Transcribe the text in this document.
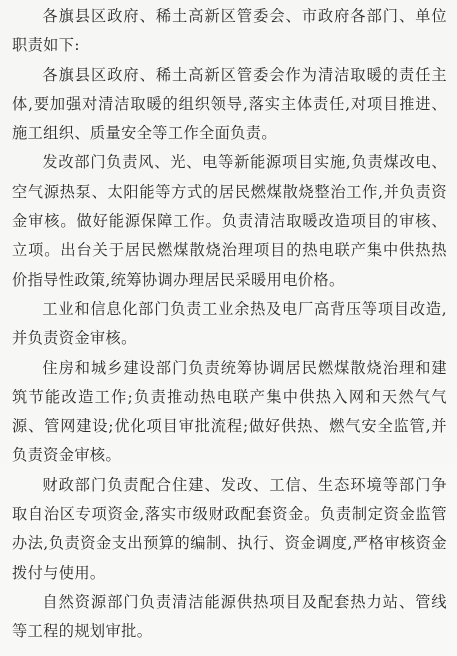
各旗县区政府、稀土高新区管委会、市政府各部门、单位职责如下:

各旗县区政府、稀土高新区管委会作为清洁取暖的责任主体,要加强对清洁取暖的组织领导,落实主体责任,对项目推进、施工组织、质量安全等工作全面负责。

发改部门负责风、光、电等新能源项目实施,负责煤改电、空气源热泵、太阳能等方式的居民燃煤散烧整治工作,并负责资金审核。做好能源保障工作。负责清洁取暖改造项目的审核、立项。出台关于居民燃煤散烧治理项目的热电联产集中供热热价指导性政策,统筹协调办理居民采暖用电价格。

工业和信息化部门负责工业余热及电厂高背压等项目改造,并负责资金审核。

住房和城乡建设部门负责统筹协调居民燃煤散烧治理和建筑节能改造工作;负责推动热电联产集中供热入网和天然气气源、管网建设;优化项目审批流程;做好供热、燃气安全监管,并负责资金审核。

财政部门负责配合住建、发改、工信、生态环境等部门争取自治区专项资金,落实市级财政配套资金。负责制定资金监管办法,负责资金支出预算的编制、执行、资金调度,严格审核资金拨付与使用。

自然资源部门负责清洁能源供热项目及配套热力站、管线等工程的规划审批。
